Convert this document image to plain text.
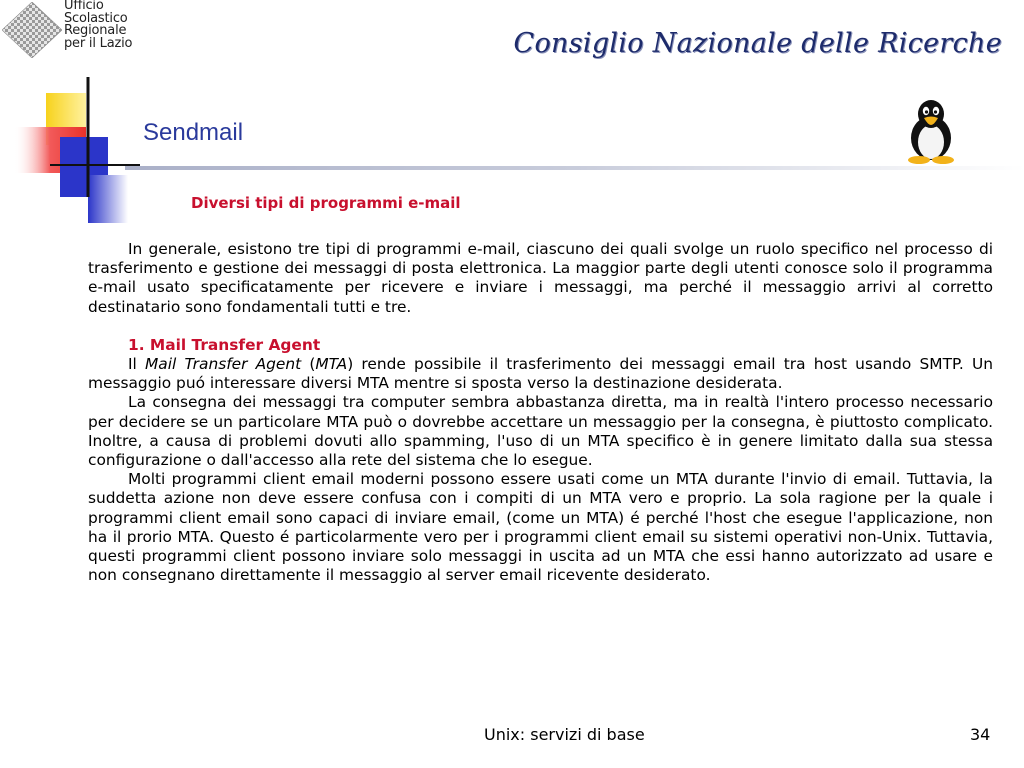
Ufficio
Scolastico
Regionale
per il Lazio	Consiglio Nazionale delle Ricerche
Sendmail
Diversi tipi di programmi e-mail

In generale, esistono tre tipi di programmi e-mail, ciascuno dei quali svolge un ruolo specifico nel processo di trasferimento e gestione dei messaggi di posta elettronica. La maggior parte degli utenti conosce solo il programma e-mail usato specificatamente per ricevere e inviare i messaggi, ma perché il messaggio arrivi al corretto destinatario sono fondamentali tutti e tre.

1. Mail Transfer Agent

Il Mail Transfer Agent (MTA) rende possibile il trasferimento dei messaggi email tra host usando SMTP. Un messaggio puó interessare diversi MTA mentre si sposta verso la destinazione desiderata.

La consegna dei messaggi tra computer sembra abbastanza diretta, ma in realtà l'intero processo necessario per decidere se un particolare MTA può o dovrebbe accettare un messaggio per la consegna, è piuttosto complicato. Inoltre, a causa di problemi dovuti allo spamming, l'uso di un MTA specifico è in genere limitato dalla sua stessa configurazione o dall'accesso alla rete del sistema che lo esegue.

Molti programmi client email moderni possono essere usati come un MTA durante l'invio di email. Tuttavia, la suddetta azione non deve essere confusa con i compiti di un MTA vero e proprio. La sola ragione per la quale i programmi client email sono capaci di inviare email, (come un MTA) é perché l'host che esegue l'applicazione, non ha il prorio MTA. Questo é particolarmente vero per i programmi client email su sistemi operativi non-Unix. Tuttavia, questi programmi client possono inviare solo messaggi in uscita ad un MTA che essi hanno autorizzato ad usare e non consegnano direttamente il messaggio al server email ricevente desiderato.

Unix: servizi di base	34
